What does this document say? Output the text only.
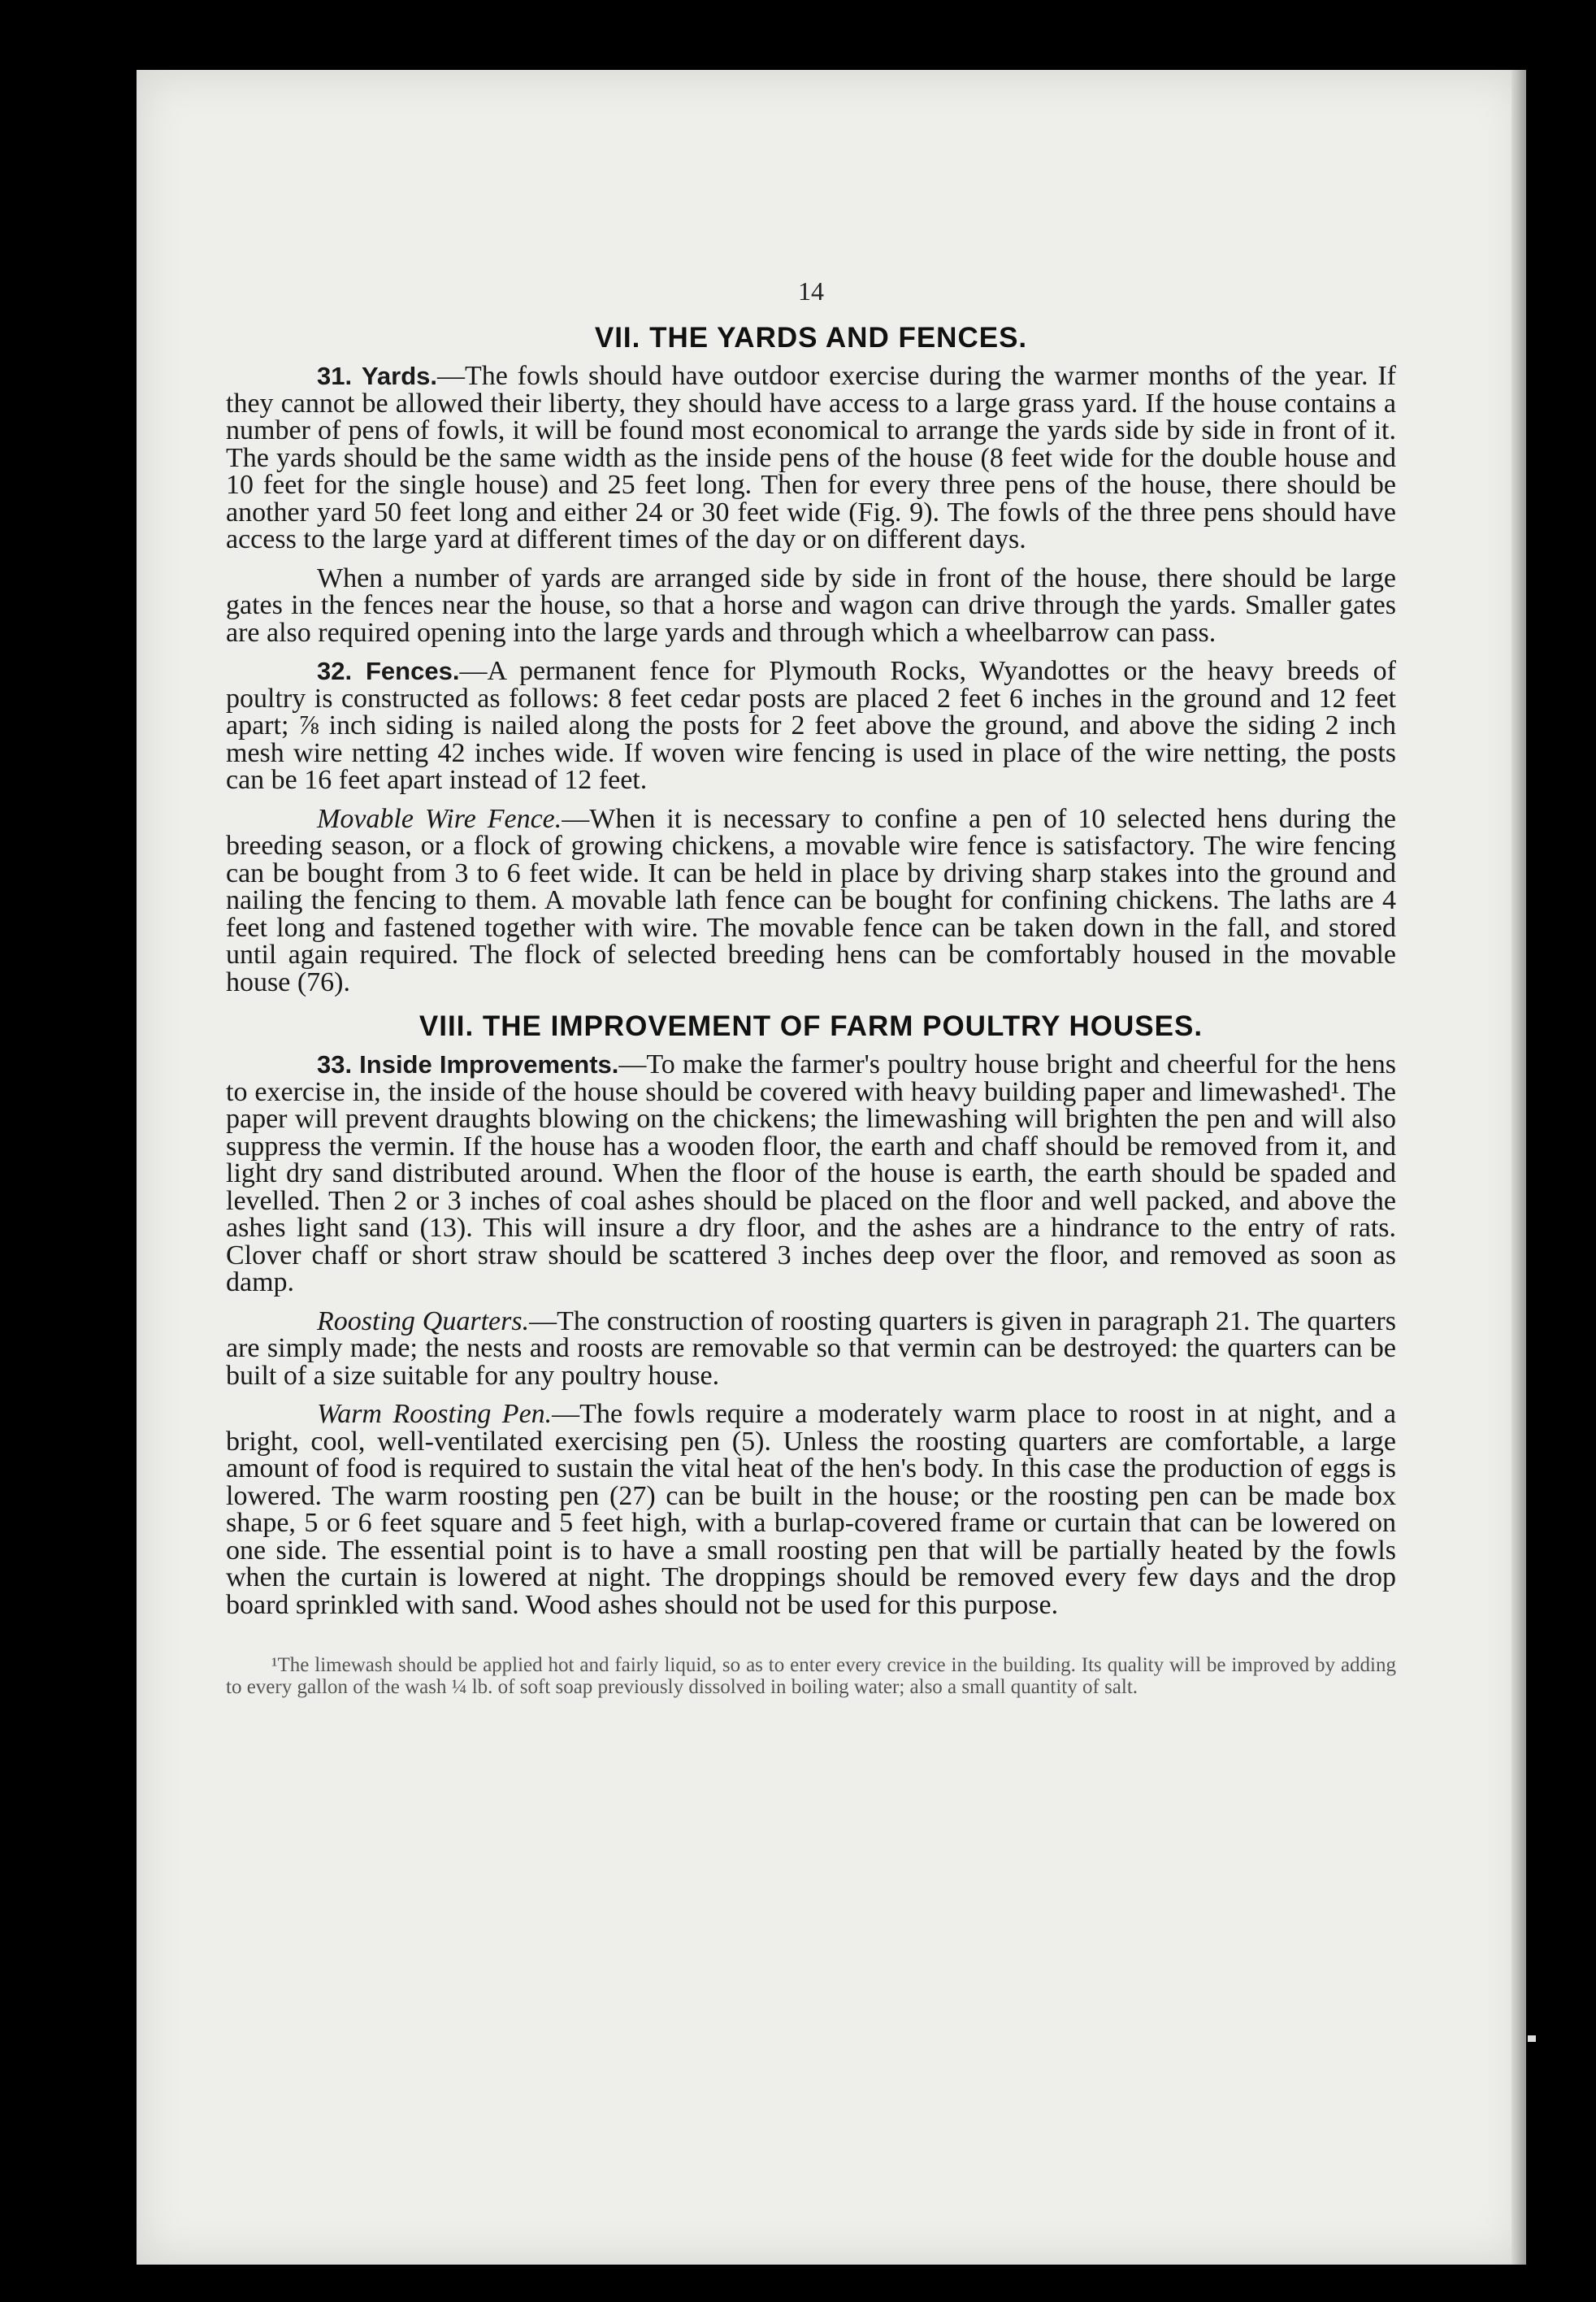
14
VII. THE YARDS AND FENCES.

31. Yards.—The fowls should have outdoor exercise during the warmer months of the year. If they cannot be allowed their liberty, they should have access to a large grass yard. If the house contains a number of pens of fowls, it will be found most economical to arrange the yards side by side in front of it. The yards should be the same width as the inside pens of the house (8 feet wide for the double house and 10 feet for the single house) and 25 feet long. Then for every three pens of the house, there should be another yard 50 feet long and either 24 or 30 feet wide (Fig. 9). The fowls of the three pens should have access to the large yard at different times of the day or on different days.

When a number of yards are arranged side by side in front of the house, there should be large gates in the fences near the house, so that a horse and wagon can drive through the yards. Smaller gates are also required opening into the large yards and through which a wheelbarrow can pass.

32. Fences.—A permanent fence for Plymouth Rocks, Wyandottes or the heavy breeds of poultry is constructed as follows: 8 feet cedar posts are placed 2 feet 6 inches in the ground and 12 feet apart; ⅞ inch siding is nailed along the posts for 2 feet above the ground, and above the siding 2 inch mesh wire netting 42 inches wide. If woven wire fencing is used in place of the wire netting, the posts can be 16 feet apart instead of 12 feet.

Movable Wire Fence.—When it is necessary to confine a pen of 10 selected hens during the breeding season, or a flock of growing chickens, a movable wire fence is satisfactory. The wire fencing can be bought from 3 to 6 feet wide. It can be held in place by driving sharp stakes into the ground and nailing the fencing to them. A movable lath fence can be bought for confining chickens. The laths are 4 feet long and fastened together with wire. The movable fence can be taken down in the fall, and stored until again required. The flock of selected breeding hens can be comfortably housed in the movable house (76).

VIII. THE IMPROVEMENT OF FARM POULTRY HOUSES.

33. Inside Improvements.—To make the farmer's poultry house bright and cheerful for the hens to exercise in, the inside of the house should be covered with heavy building paper and limewashed¹. The paper will prevent draughts blowing on the chickens; the limewashing will brighten the pen and will also suppress the vermin. If the house has a wooden floor, the earth and chaff should be removed from it, and light dry sand distributed around. When the floor of the house is earth, the earth should be spaded and levelled. Then 2 or 3 inches of coal ashes should be placed on the floor and well packed, and above the ashes light sand (13). This will insure a dry floor, and the ashes are a hindrance to the entry of rats. Clover chaff or short straw should be scattered 3 inches deep over the floor, and removed as soon as damp.

Roosting Quarters.—The construction of roosting quarters is given in paragraph 21. The quarters are simply made; the nests and roosts are removable so that vermin can be destroyed: the quarters can be built of a size suitable for any poultry house.

Warm Roosting Pen.—The fowls require a moderately warm place to roost in at night, and a bright, cool, well-ventilated exercising pen (5). Unless the roosting quarters are comfortable, a large amount of food is required to sustain the vital heat of the hen's body. In this case the production of eggs is lowered. The warm roosting pen (27) can be built in the house; or the roosting pen can be made box shape, 5 or 6 feet square and 5 feet high, with a burlap-covered frame or curtain that can be lowered on one side. The essential point is to have a small roosting pen that will be partially heated by the fowls when the curtain is lowered at night. The droppings should be removed every few days and the drop board sprinkled with sand. Wood ashes should not be used for this purpose.

¹The limewash should be applied hot and fairly liquid, so as to enter every crevice in the building. Its quality will be improved by adding to every gallon of the wash ¼ lb. of soft soap previously dissolved in boiling water; also a small quantity of salt.
